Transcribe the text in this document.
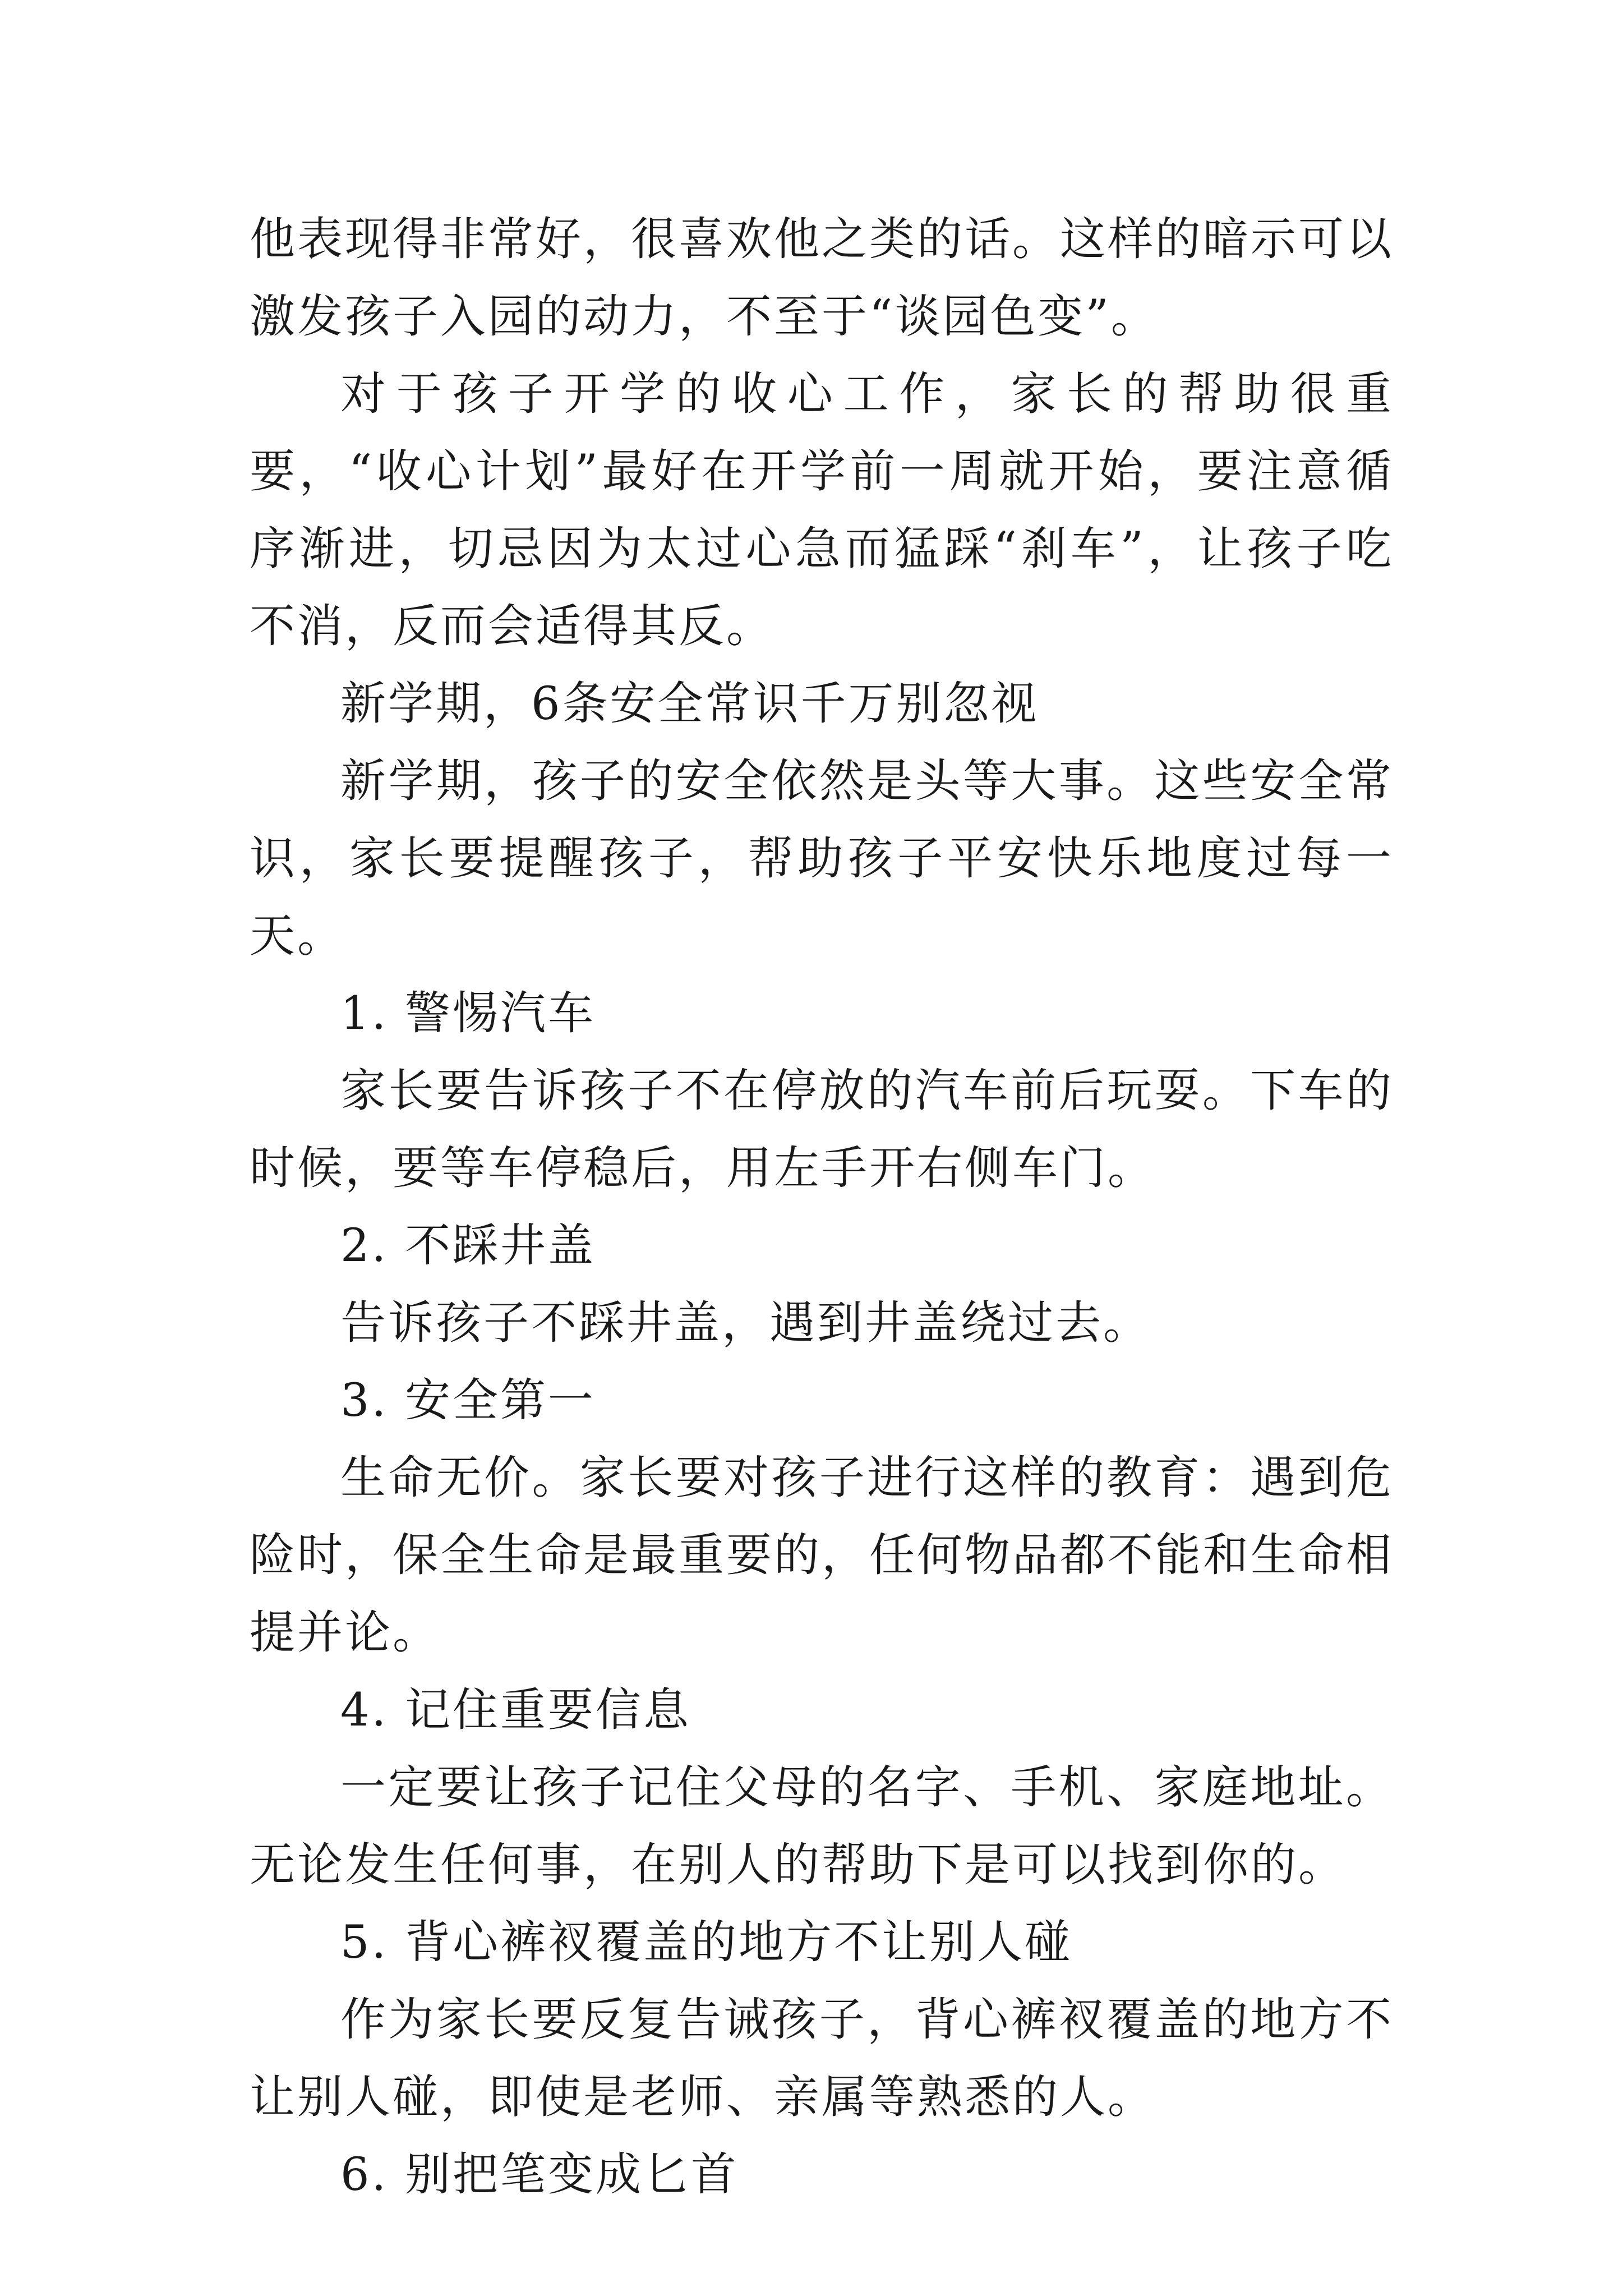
他表现得非常好，很喜欢他之类的话。这样的暗示可以激发孩子入园的动力，不至于“谈园色变”。

对于孩子开学的收心工作，家长的帮助很重要，“收心计划”最好在开学前一周就开始，要注意循序渐进，切忌因为太过心急而猛踩“刹车”，让孩子吃不消，反而会适得其反。

新学期，6条安全常识千万别忽视

新学期，孩子的安全依然是头等大事。这些安全常识，家长要提醒孩子，帮助孩子平安快乐地度过每一天。

1. 警惕汽车

家长要告诉孩子不在停放的汽车前后玩耍。下车的时候，要等车停稳后，用左手开右侧车门。

2. 不踩井盖

告诉孩子不踩井盖，遇到井盖绕过去。

3. 安全第一

生命无价。家长要对孩子进行这样的教育：遇到危险时，保全生命是最重要的，任何物品都不能和生命相提并论。

4. 记住重要信息

一定要让孩子记住父母的名字、手机、家庭地址。无论发生任何事，在别人的帮助下是可以找到你的。

5. 背心裤衩覆盖的地方不让别人碰

作为家长要反复告诫孩子，背心裤衩覆盖的地方不让别人碰，即使是老师、亲属等熟悉的人。

6. 别把笔变成匕首
